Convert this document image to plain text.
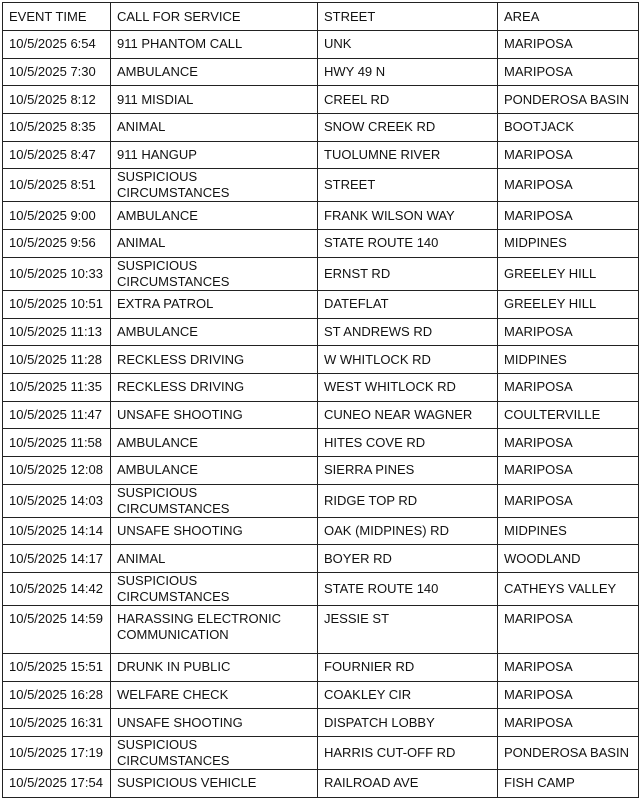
EVENT TIME	CALL FOR SERVICE	STREET	AREA
10/5/2025 6:54	911 PHANTOM CALL	UNK	MARIPOSA
10/5/2025 7:30	AMBULANCE	HWY 49 N	MARIPOSA
10/5/2025 8:12	911 MISDIAL	CREEL RD	PONDEROSA BASIN
10/5/2025 8:35	ANIMAL	SNOW CREEK RD	BOOTJACK
10/5/2025 8:47	911 HANGUP	TUOLUMNE RIVER	MARIPOSA
10/5/2025 8:51	SUSPICIOUS CIRCUMSTANCES	STREET	MARIPOSA
10/5/2025 9:00	AMBULANCE	FRANK WILSON WAY	MARIPOSA
10/5/2025 9:56	ANIMAL	STATE ROUTE 140	MIDPINES
10/5/2025 10:33	SUSPICIOUS CIRCUMSTANCES	ERNST RD	GREELEY HILL
10/5/2025 10:51	EXTRA PATROL	DATEFLAT	GREELEY HILL
10/5/2025 11:13	AMBULANCE	ST ANDREWS RD	MARIPOSA
10/5/2025 11:28	RECKLESS DRIVING	W WHITLOCK RD	MIDPINES
10/5/2025 11:35	RECKLESS DRIVING	WEST WHITLOCK RD	MARIPOSA
10/5/2025 11:47	UNSAFE SHOOTING	CUNEO NEAR WAGNER	COULTERVILLE
10/5/2025 11:58	AMBULANCE	HITES COVE RD	MARIPOSA
10/5/2025 12:08	AMBULANCE	SIERRA PINES	MARIPOSA
10/5/2025 14:03	SUSPICIOUS CIRCUMSTANCES	RIDGE TOP RD	MARIPOSA
10/5/2025 14:14	UNSAFE SHOOTING	OAK (MIDPINES) RD	MIDPINES
10/5/2025 14:17	ANIMAL	BOYER RD	WOODLAND
10/5/2025 14:42	SUSPICIOUS CIRCUMSTANCES	STATE ROUTE 140	CATHEYS VALLEY
10/5/2025 14:59	HARASSING ELECTRONIC COMMUNICATION	JESSIE ST	MARIPOSA
10/5/2025 15:51	DRUNK IN PUBLIC	FOURNIER RD	MARIPOSA
10/5/2025 16:28	WELFARE CHECK	COAKLEY CIR	MARIPOSA
10/5/2025 16:31	UNSAFE SHOOTING	DISPATCH LOBBY	MARIPOSA
10/5/2025 17:19	SUSPICIOUS CIRCUMSTANCES	HARRIS CUT-OFF RD	PONDEROSA BASIN
10/5/2025 17:54	SUSPICIOUS VEHICLE	RAILROAD AVE	FISH CAMP
